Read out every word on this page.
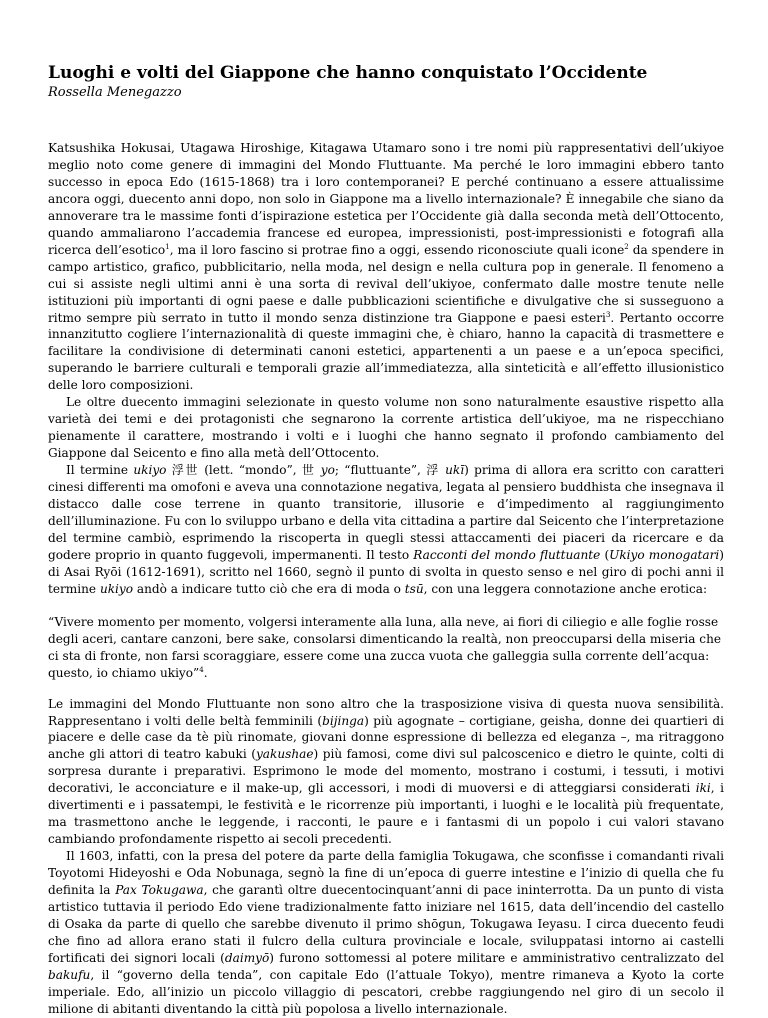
Luoghi e volti del Giappone che hanno conquistato l’Occidente
Rossella Menegazzo

Katsushika Hokusai, Utagawa Hiroshige, Kitagawa Utamaro sono i tre nomi più rappresentativi dell’ukiyoe meglio noto come genere di immagini del Mondo Fluttuante. Ma perché le loro immagini ebbero tanto successo in epoca Edo (1615-1868) tra i loro contemporanei? E perché continuano a essere attualissime ancora oggi, duecento anni dopo, non solo in Giappone ma a livello internazionale? È innegabile che siano da annoverare tra le massime fonti d’ispirazione estetica per l’Occidente già dalla seconda metà dell’Ottocento, quando ammaliarono l’accademia francese ed europea, impressionisti, post-impressionisti e fotografi alla ricerca dell’esotico$^1$, ma il loro fascino si protrae fino a oggi, essendo riconosciute quali icone$^2$ da spendere in campo artistico, grafico, pubblicitario, nella moda, nel design e nella cultura pop in generale. Il fenomeno a cui si assiste negli ultimi anni è una sorta di revival dell’ukiyoe, confermato dalle mostre tenute nelle istituzioni più importanti di ogni paese e dalle pubblicazioni scientifiche e divulgative che si susseguono a ritmo sempre più serrato in tutto il mondo senza distinzione tra Giappone e paesi esteri$^3$. Pertanto occorre innanzitutto cogliere l’internazionalità di queste immagini che, è chiaro, hanno la capacità di trasmettere e facilitare la condivisione di determinati canoni estetici, appartenenti a un paese e a un’epoca specifici, superando le barriere culturali e temporali grazie all’immediatezza, alla sinteticità e all’effetto illusionistico delle loro composizioni.

Le oltre duecento immagini selezionate in questo volume non sono naturalmente esaustive rispetto alla varietà dei temi e dei protagonisti che segnarono la corrente artistica dell’ukiyoe, ma ne rispecchiano pienamente il carattere, mostrando i volti e i luoghi che hanno segnato il profondo cambiamento del Giappone dal Seicento e fino alla metà dell’Ottocento.

Il termine ukiyo 浮世 (lett. “mondo”, 世 yo; “fluttuante”, 浮 ukī) prima di allora era scritto con caratteri cinesi differenti ma omofoni e aveva una connotazione negativa, legata al pensiero buddhista che insegnava il distacco dalle cose terrene in quanto transitorie, illusorie e d’impedimento al raggiungimento dell’illuminazione. Fu con lo sviluppo urbano e della vita cittadina a partire dal Seicento che l’interpretazione del termine cambiò, esprimendo la riscoperta in quegli stessi attaccamenti dei piaceri da ricercare e da godere proprio in quanto fuggevoli, impermanenti. Il testo Racconti del mondo fluttuante (Ukiyo monogatari) di Asai Ryōi (1612-1691), scritto nel 1660, segnò il punto di svolta in questo senso e nel giro di pochi anni il termine ukiyo andò a indicare tutto ciò che era di moda o tsū, con una leggera connotazione anche erotica:

“Vivere momento per momento, volgersi interamente alla luna, alla neve, ai fiori di ciliegio e alle foglie rosse degli aceri, cantare canzoni, bere sake, consolarsi dimenticando la realtà, non preoccuparsi della miseria che ci sta di fronte, non farsi scoraggiare, essere come una zucca vuota che galleggia sulla corrente dell’acqua: questo, io chiamo ukiyo”$^4$.

Le immagini del Mondo Fluttuante non sono altro che la trasposizione visiva di questa nuova sensibilità. Rappresentano i volti delle beltà femminili (bijinga) più agognate – cortigiane, geisha, donne dei quartieri di piacere e delle case da tè più rinomate, giovani donne espressione di bellezza ed eleganza –, ma ritraggono anche gli attori di teatro kabuki (yakushae) più famosi, come divi sul palcoscenico e dietro le quinte, colti di sorpresa durante i preparativi. Esprimono le mode del momento, mostrano i costumi, i tessuti, i motivi decorativi, le acconciature e il make-up, gli accessori, i modi di muoversi e di atteggiarsi considerati iki, i divertimenti e i passatempi, le festività e le ricorrenze più importanti, i luoghi e le località più frequentate, ma trasmettono anche le leggende, i racconti, le paure e i fantasmi di un popolo i cui valori stavano cambiando profondamente rispetto ai secoli precedenti.

Il 1603, infatti, con la presa del potere da parte della famiglia Tokugawa, che sconfisse i comandanti rivali Toyotomi Hideyoshi e Oda Nobunaga, segnò la fine di un’epoca di guerre intestine e l’inizio di quella che fu definita la Pax Tokugawa, che garantì oltre duecentocinquant’anni di pace ininterrotta. Da un punto di vista artistico tuttavia il periodo Edo viene tradizionalmente fatto iniziare nel 1615, data dell’incendio del castello di Osaka da parte di quello che sarebbe divenuto il primo shōgun, Tokugawa Ieyasu. I circa duecento feudi che fino ad allora erano stati il fulcro della cultura provinciale e locale, sviluppatasi intorno ai castelli fortificati dei signori locali (daimyō) furono sottomessi al potere militare e amministrativo centralizzato del bakufu, il “governo della tenda”, con capitale Edo (l’attuale Tokyo), mentre rimaneva a Kyoto la corte imperiale. Edo, all’inizio un piccolo villaggio di pescatori, crebbe raggiungendo nel giro di un secolo il milione di abitanti diventando la città più popolosa a livello internazionale.
